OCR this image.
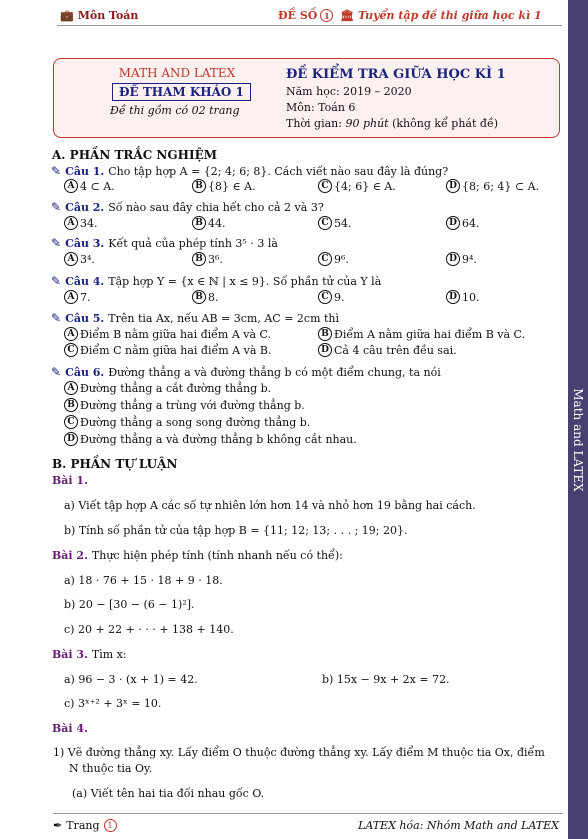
💼 Môn Toán	ĐỀ SỐ 1 🏛 Tuyển tập đề thi giữa học kì 1
Math and LATEX
MATH AND LATEX
ĐỀ THAM KHẢO 1
Đề thi gồm có 02 trang
ĐỀ KIỂM TRA GIỮA HỌC KÌ 1
Năm học: 2019 – 2020
Môn: Toán 6
Thời gian: 90 phút (không kể phát đề)
A. PHẦN TRẮC NGHIỆM
✎ Câu 1. Cho tập hợp A = {2; 4; 6; 8}. Cách viết nào sau đây là đúng?
A 4 ⊂ A.	B {8} ∈ A.	C {4; 6} ∈ A.	D {8; 6; 4} ⊂ A.
✎ Câu 2. Số nào sau đây chia hết cho cả 2 và 3?
A 34.	B 44.	C 54.	D 64.
✎ Câu 3. Kết quả của phép tính 3⁵ · 3 là
A 3⁴.	B 3⁶.	C 9⁶.	D 9⁴.
✎ Câu 4. Tập hợp Y = {x ∈ ℕ | x ≤ 9}. Số phần tử của Y là
A 7.	B 8.	C 9.	D 10.
✎ Câu 5. Trên tia Ax, nếu AB = 3cm, AC = 2cm thì
A Điểm B nằm giữa hai điểm A và C.	B Điểm A nằm giữa hai điểm B và C.
C Điểm C nằm giữa hai điểm A và B.	D Cả 4 câu trên đều sai.
✎ Câu 6. Đường thẳng a và đường thẳng b có một điểm chung, ta nói
A Đường thẳng a cắt đường thẳng b.
B Đường thẳng a trùng với đường thẳng b.
C Đường thẳng a song song đường thẳng b.
D Đường thẳng a và đường thẳng b không cắt nhau.
B. PHẦN TỰ LUẬN
Bài 1.
a) Viết tập hợp A các số tự nhiên lớn hơn 14 và nhỏ hơn 19 bằng hai cách.
b) Tính số phần tử của tập hợp B = {11; 12; 13; . . . ; 19; 20}.
Bài 2. Thực hiện phép tính (tính nhanh nếu có thể):
a) 18 · 76 + 15 · 18 + 9 · 18.
b) 20 − [30 − (6 − 1)²].
c) 20 + 22 + · · · + 138 + 140.
Bài 3. Tìm x:
a) 96 − 3 · (x + 1) = 42.	b) 15x − 9x + 2x = 72.
c) 3ˣ⁺² + 3ˣ = 10.
Bài 4.
1) Vẽ đường thẳng xy. Lấy điểm O thuộc đường thẳng xy. Lấy điểm M thuộc tia Ox, điểm
N thuộc tia Oy.
(a) Viết tên hai tia đối nhau gốc O.
✒ Trang 1	LATEX hóa: Nhóm Math and LATEX
